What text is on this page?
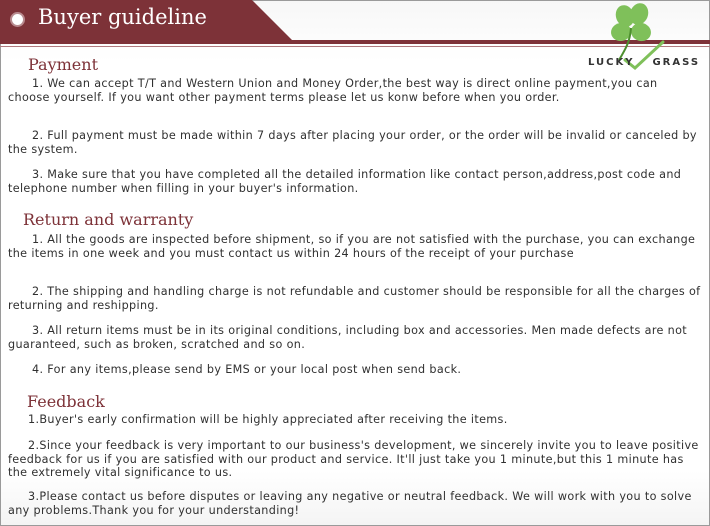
Buyer guideline
LUCKY GRASS
Payment
1. We can accept T/T and Western Union and Money Order,the best way is direct online payment,you can choose yourself. If you want other payment terms please let us konw before when you order.
2. Full payment must be made within 7 days after placing your order, or the order will be invalid or canceled by the system.
3. Make sure that you have completed all the detailed information like contact person,address,post code and telephone number when filling in your buyer's information.
Return and warranty
1. All the goods are inspected before shipment, so if you are not satisfied with the purchase, you can exchange the items in one week and you must contact us within 24 hours of the receipt of your purchase
2. The shipping and handling charge is not refundable and customer should be responsible for all the charges of returning and reshipping.
3. All return items must be in its original conditions, including box and accessories. Men made defects are not guaranteed, such as broken, scratched and so on.
4. For any items,please send by EMS or your local post when send back.
Feedback
1.Buyer's early confirmation will be highly appreciated after receiving the items.
2.Since your feedback is very important to our business's development, we sincerely invite you to leave positive feedback for us if you are satisfied with our product and service. It'll just take you 1 minute,but this 1 minute has the extremely vital significance to us.
3.Please contact us before disputes or leaving any negative or neutral feedback. We will work with you to solve any problems.Thank you for your understanding!
